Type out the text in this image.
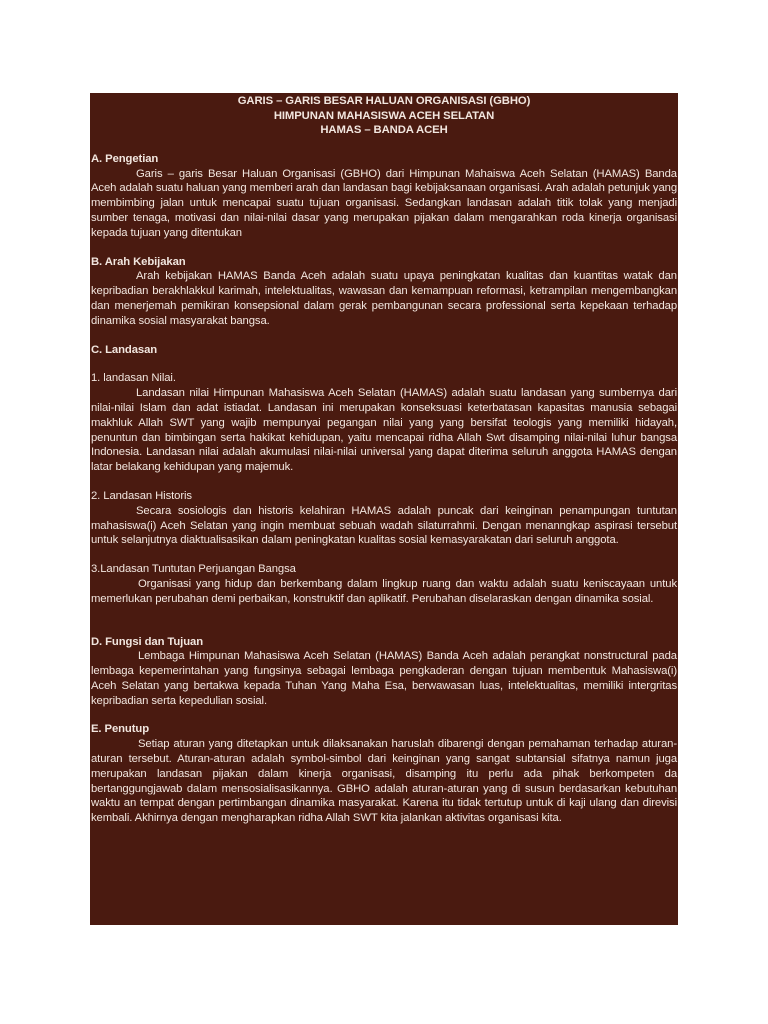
GARIS – GARIS BESAR HALUAN ORGANISASI (GBHO)
HIMPUNAN MAHASISWA ACEH SELATAN
HAMAS – BANDA ACEH
A. Pengetian
Garis – garis Besar Haluan Organisasi (GBHO) dari Himpunan Mahaiswa Aceh Selatan (HAMAS) Banda Aceh adalah suatu haluan yang memberi arah dan landasan bagi kebijaksanaan organisasi. Arah adalah petunjuk yang membimbing jalan untuk mencapai suatu tujuan organisasi. Sedangkan landasan adalah titik tolak yang menjadi sumber tenaga, motivasi dan nilai-nilai dasar yang merupakan pijakan dalam mengarahkan roda kinerja organisasi kepada tujuan yang ditentukan
B. Arah Kebijakan
Arah kebijakan HAMAS Banda Aceh adalah suatu upaya peningkatan kualitas dan kuantitas watak dan kepribadian berakhlakkul karimah, intelektualitas, wawasan dan kemampuan reformasi, ketrampilan mengembangkan dan menerjemah pemikiran konsepsional dalam gerak pembangunan secara professional serta kepekaan terhadap dinamika sosial masyarakat bangsa.
C. Landasan
1. landasan Nilai.
Landasan nilai Himpunan Mahasiswa Aceh Selatan (HAMAS) adalah suatu landasan yang sumbernya dari nilai-nilai Islam dan adat istiadat. Landasan ini merupakan konseksuasi keterbatasan kapasitas manusia sebagai makhluk Allah SWT yang wajib mempunyai pegangan nilai yang yang bersifat teologis yang memiliki hidayah, penuntun dan bimbingan serta hakikat kehidupan, yaitu mencapai ridha Allah Swt disamping nilai-nilai luhur bangsa Indonesia. Landasan nilai adalah akumulasi nilai-nilai universal yang dapat diterima seluruh anggota HAMAS dengan latar belakang kehidupan yang majemuk.
2. Landasan Historis
Secara sosiologis dan historis kelahiran HAMAS adalah puncak dari keinginan penampungan tuntutan mahasiswa(i) Aceh Selatan yang ingin membuat sebuah wadah silaturrahmi. Dengan menanngkap aspirasi tersebut untuk selanjutnya diaktualisasikan dalam peningkatan kualitas sosial kemasyarakatan dari seluruh anggota.
3.Landasan Tuntutan Perjuangan Bangsa
Organisasi yang hidup dan berkembang dalam lingkup ruang dan waktu adalah suatu keniscayaan untuk memerlukan perubahan demi perbaikan, konstruktif dan aplikatif. Perubahan diselaraskan dengan dinamika sosial.
D. Fungsi dan Tujuan
Lembaga Himpunan Mahasiswa Aceh Selatan (HAMAS) Banda Aceh adalah perangkat nonstructural pada lembaga kepemerintahan yang fungsinya sebagai lembaga pengkaderan dengan tujuan membentuk Mahasiswa(i) Aceh Selatan yang bertakwa kepada Tuhan Yang Maha Esa, berwawasan luas, intelektualitas, memiliki intergritas kepribadian serta kepedulian sosial.
E. Penutup
Setiap aturan yang ditetapkan untuk dilaksanakan haruslah dibarengi dengan pemahaman terhadap aturan-aturan tersebut. Aturan-aturan adalah symbol-simbol dari keinginan yang sangat subtansial sifatnya namun juga merupakan landasan pijakan dalam kinerja organisasi, disamping itu perlu ada pihak berkompeten da bertanggungjawab dalam mensosialisasikannya. GBHO adalah aturan-aturan yang di susun berdasarkan kebutuhan waktu an tempat dengan pertimbangan dinamika masyarakat. Karena itu tidak tertutup untuk di kaji ulang dan direvisi kembali. Akhirnya dengan mengharapkan ridha Allah SWT kita jalankan aktivitas organisasi kita.
